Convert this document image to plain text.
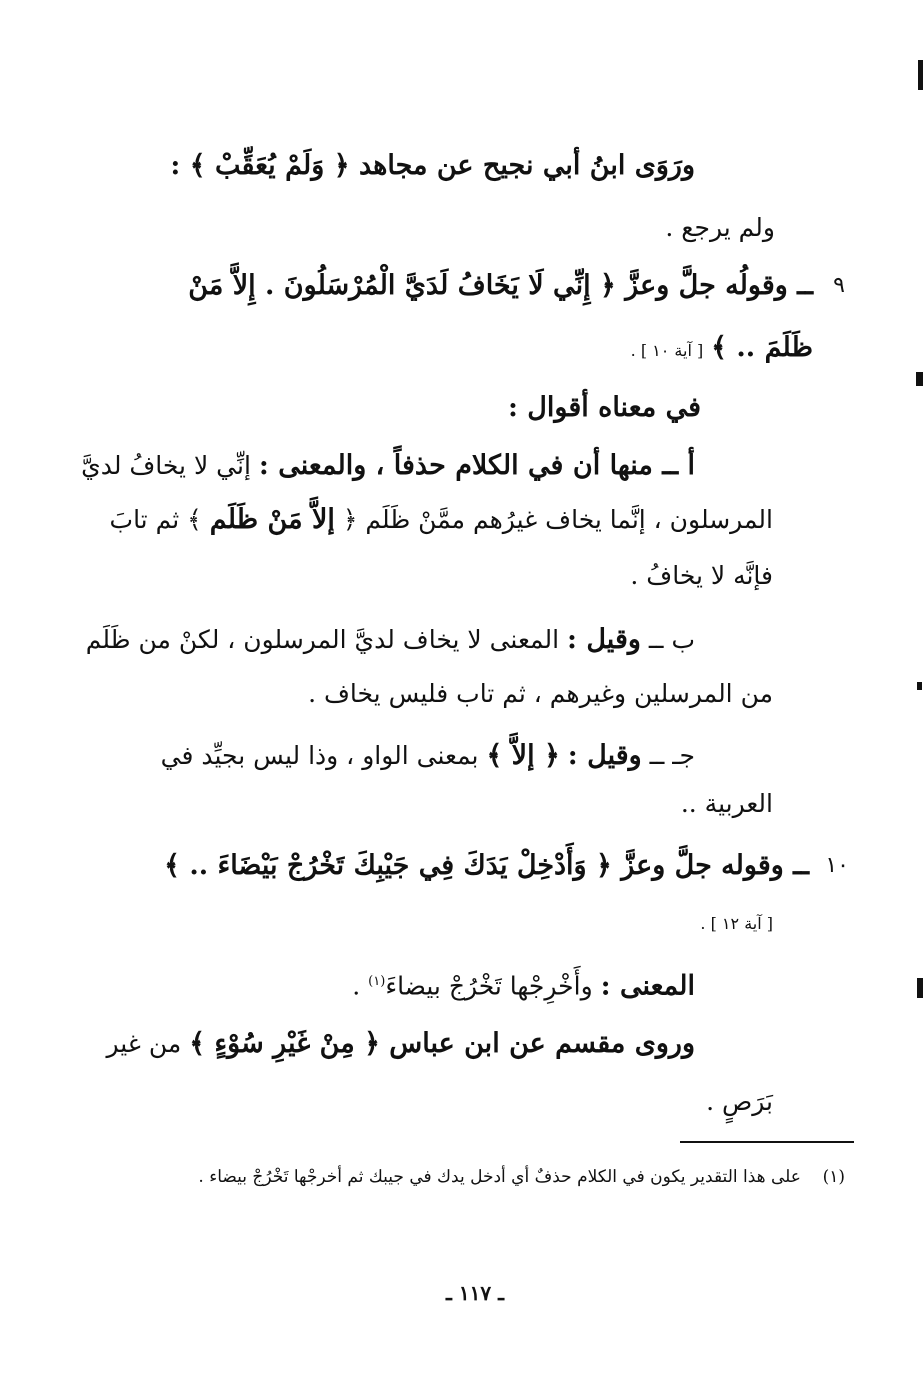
ورَوَى ابنُ أبي نجيح عن مجاهد ﴿ وَلَمْ يُعَقِّبْ ﴾ :
ولم يرجع .
٩
ــ وقولُه جلَّ وعزَّ ﴿ إِنِّي لَا يَخَافُ لَدَيَّ الْمُرْسَلُونَ . إِلاَّ مَنْ
ظَلَمَ .. ﴾ [ آية ١٠ ] .
في معناه أقوال :
أ ــ منها أن في الكلام حذفاً ، والمعنى : إنِّي لا يخافُ لديَّ
المرسلون ، إنَّما يخاف غيرُهم ممَّنْ ظَلَم ﴿ إلاَّ مَنْ ظَلَم ﴾ ثم تابَ
فإنَّه لا يخافُ .
ب ــ وقيل : المعنى لا يخاف لديَّ المرسلون ، لكنْ من ظَلَم
من المرسلين وغيرهم ، ثم تاب فليس يخاف .
جـ ــ وقيل : ﴿ إلاَّ ﴾ بمعنى الواو ، وذا ليس بجيِّد في
العربية ..
١٠
ــ وقوله جلَّ وعزَّ ﴿ وَأَدْخِلْ يَدَكَ فِي جَيْبِكَ تَخْرُجْ بَيْضَاءَ .. ﴾
[ آية ١٢ ] .
المعنى : وأَخْرِجْها تَخْرُجْ بيضاءَ$^{(١)}$ .
وروى مقسم عن ابن عباس ﴿ مِنْ غَيْرِ سُوْءٍ ﴾ من غير
بَرَصٍ .
(١)    على هذا التقدير يكون في الكلام حذفٌ أي أدخل يدك في جيبك ثم أخرجْها تَخْرُجْ بيضاء .
ـ ١١٧ ـ
